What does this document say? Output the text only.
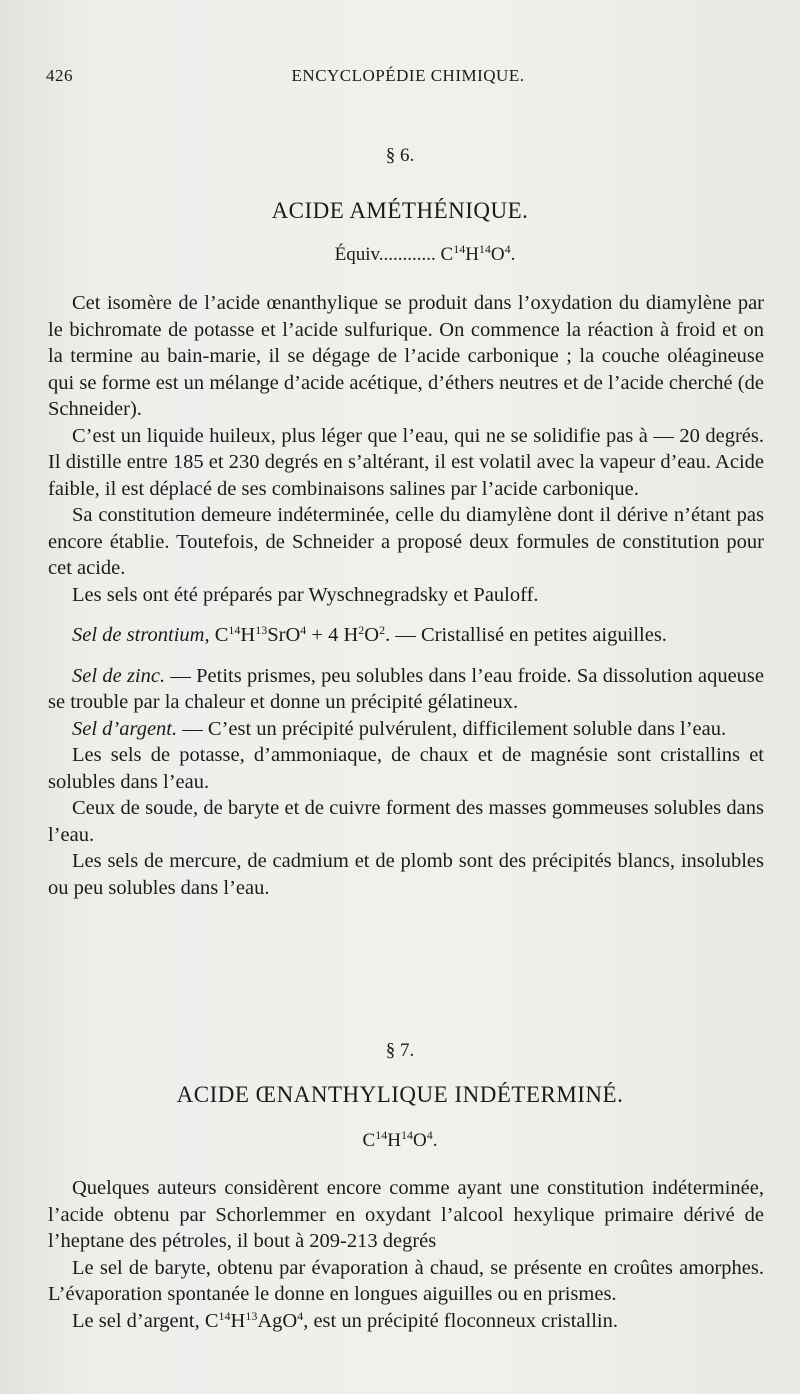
426	ENCYCLOPÉDIE CHIMIQUE.
§ 6.
ACIDE AMÉTHÉNIQUE.
Équiv............ $C^{14}H^{14}O^4$.

Cet isomère de l’acide œnanthylique se produit dans l’oxydation du diamylène par le bichromate de potasse et l’acide sulfurique. On commence la réaction à froid et on la termine au bain-marie, il se dégage de l’acide carbonique ; la couche oléagineuse qui se forme est un mélange d’acide acétique, d’éthers neutres et de l’acide cherché (de Schneider).

C’est un liquide huileux, plus léger que l’eau, qui ne se solidifie pas à — 20 degrés. Il distille entre 185 et 230 degrés en s’altérant, il est volatil avec la vapeur d’eau. Acide faible, il est déplacé de ses combinaisons salines par l’acide carbonique.

Sa constitution demeure indéterminée, celle du diamylène dont il dérive n’étant pas encore établie. Toutefois, de Schneider a proposé deux formules de constitution pour cet acide.

Les sels ont été préparés par Wyschnegradsky et Pauloff.

Sel de strontium, $C^{14}H^{13}SrO^4 + 4$ $H^2O^2$. — Cristallisé en petites aiguilles.

Sel de zinc. — Petits prismes, peu solubles dans l’eau froide. Sa dissolution aqueuse se trouble par la chaleur et donne un précipité gélatineux.

Sel d’argent. — C’est un précipité pulvérulent, difficilement soluble dans l’eau.

Les sels de potasse, d’ammoniaque, de chaux et de magnésie sont cristallins et solubles dans l’eau.

Ceux de soude, de baryte et de cuivre forment des masses gommeuses solubles dans l’eau.

Les sels de mercure, de cadmium et de plomb sont des précipités blancs, insolubles ou peu solubles dans l’eau.

§ 7.
ACIDE ŒNANTHYLIQUE INDÉTERMINÉ.
$C^{14}H^{14}O^4$.

Quelques auteurs considèrent encore comme ayant une constitution indéterminée, l’acide obtenu par Schorlemmer en oxydant l’alcool hexylique primaire dérivé de l’heptane des pétroles, il bout à 209-213 degrés

Le sel de baryte, obtenu par évaporation à chaud, se présente en croûtes amorphes. L’évaporation spontanée le donne en longues aiguilles ou en prismes.

Le sel d’argent, $C^{14}H^{13}AgO^4$, est un précipité floconneux cristallin.
